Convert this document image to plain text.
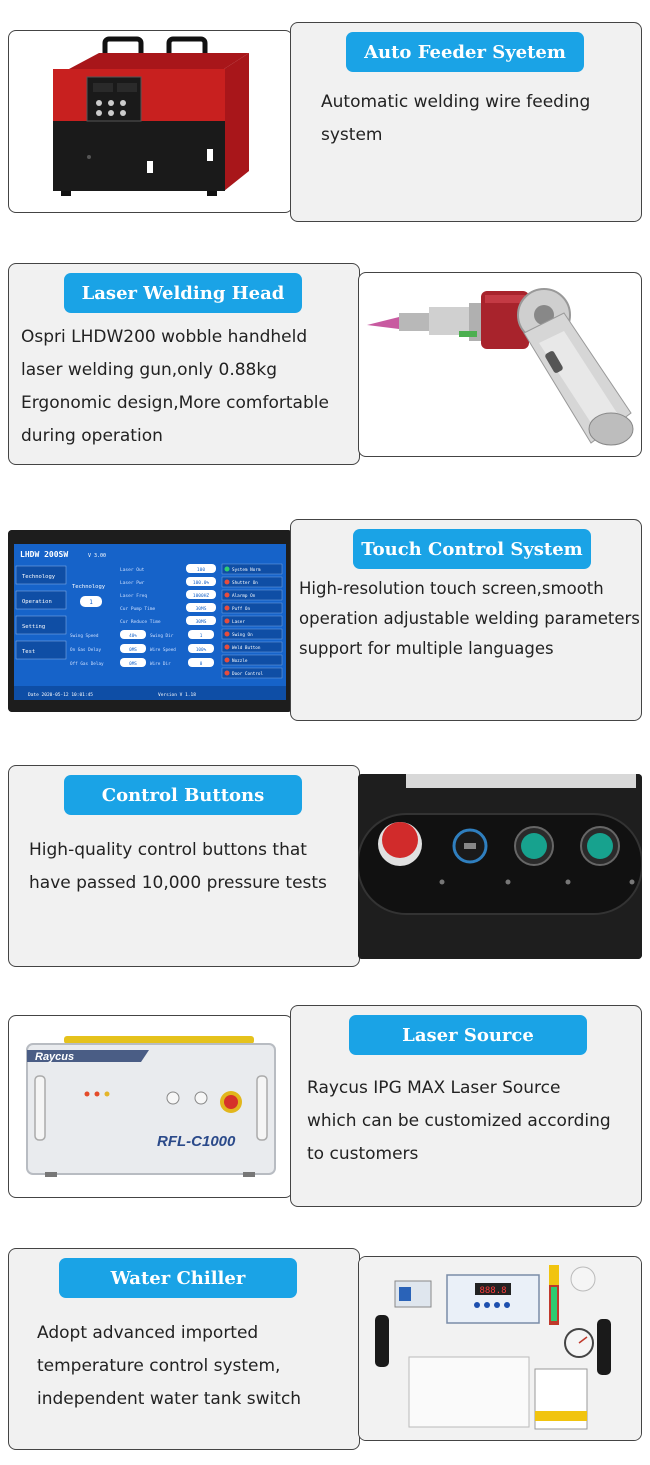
Auto Feeder Syetem
Automatic welding wire feeding
system
Laser Welding Head
Ospri LHDW200 wobble handheld
laser welding gun,only 0.88kg
Ergonomic design,More comfortable
during operation
LHDW 200SW	V 3.00
Technology
Operation
Setting
Test
Technology
1
Laser Out	100
Laser Pwr	100.0%
Laser Freq	1000HZ
Cur Pump Time	30MS
Cur Reduce Time	30MS
Swing Speed	40%	Swing Dir	1
On Gas Delay	0MS	Wire Speed	100%
Off Gas Delay	0MS	Wire Dir	0
System Norm
Shutter On
Alarmp On
Puff On
Laser
Swing On
Weld Button
Nozzle
Door Control
Date 2020-05-12 10:01:45	Version V 1.18
Touch Control System
High-resolution touch screen,smooth
operation adjustable welding parameters
support for multiple languages
Control Buttons
High-quality control buttons that
have passed 10,000 pressure tests
Raycus
RFL-C1000
Laser Source
Raycus IPG MAX Laser Source
which can be customized according
to customers
Water Chiller
Adopt advanced imported
temperature control system,
independent water tank switch
888.8
